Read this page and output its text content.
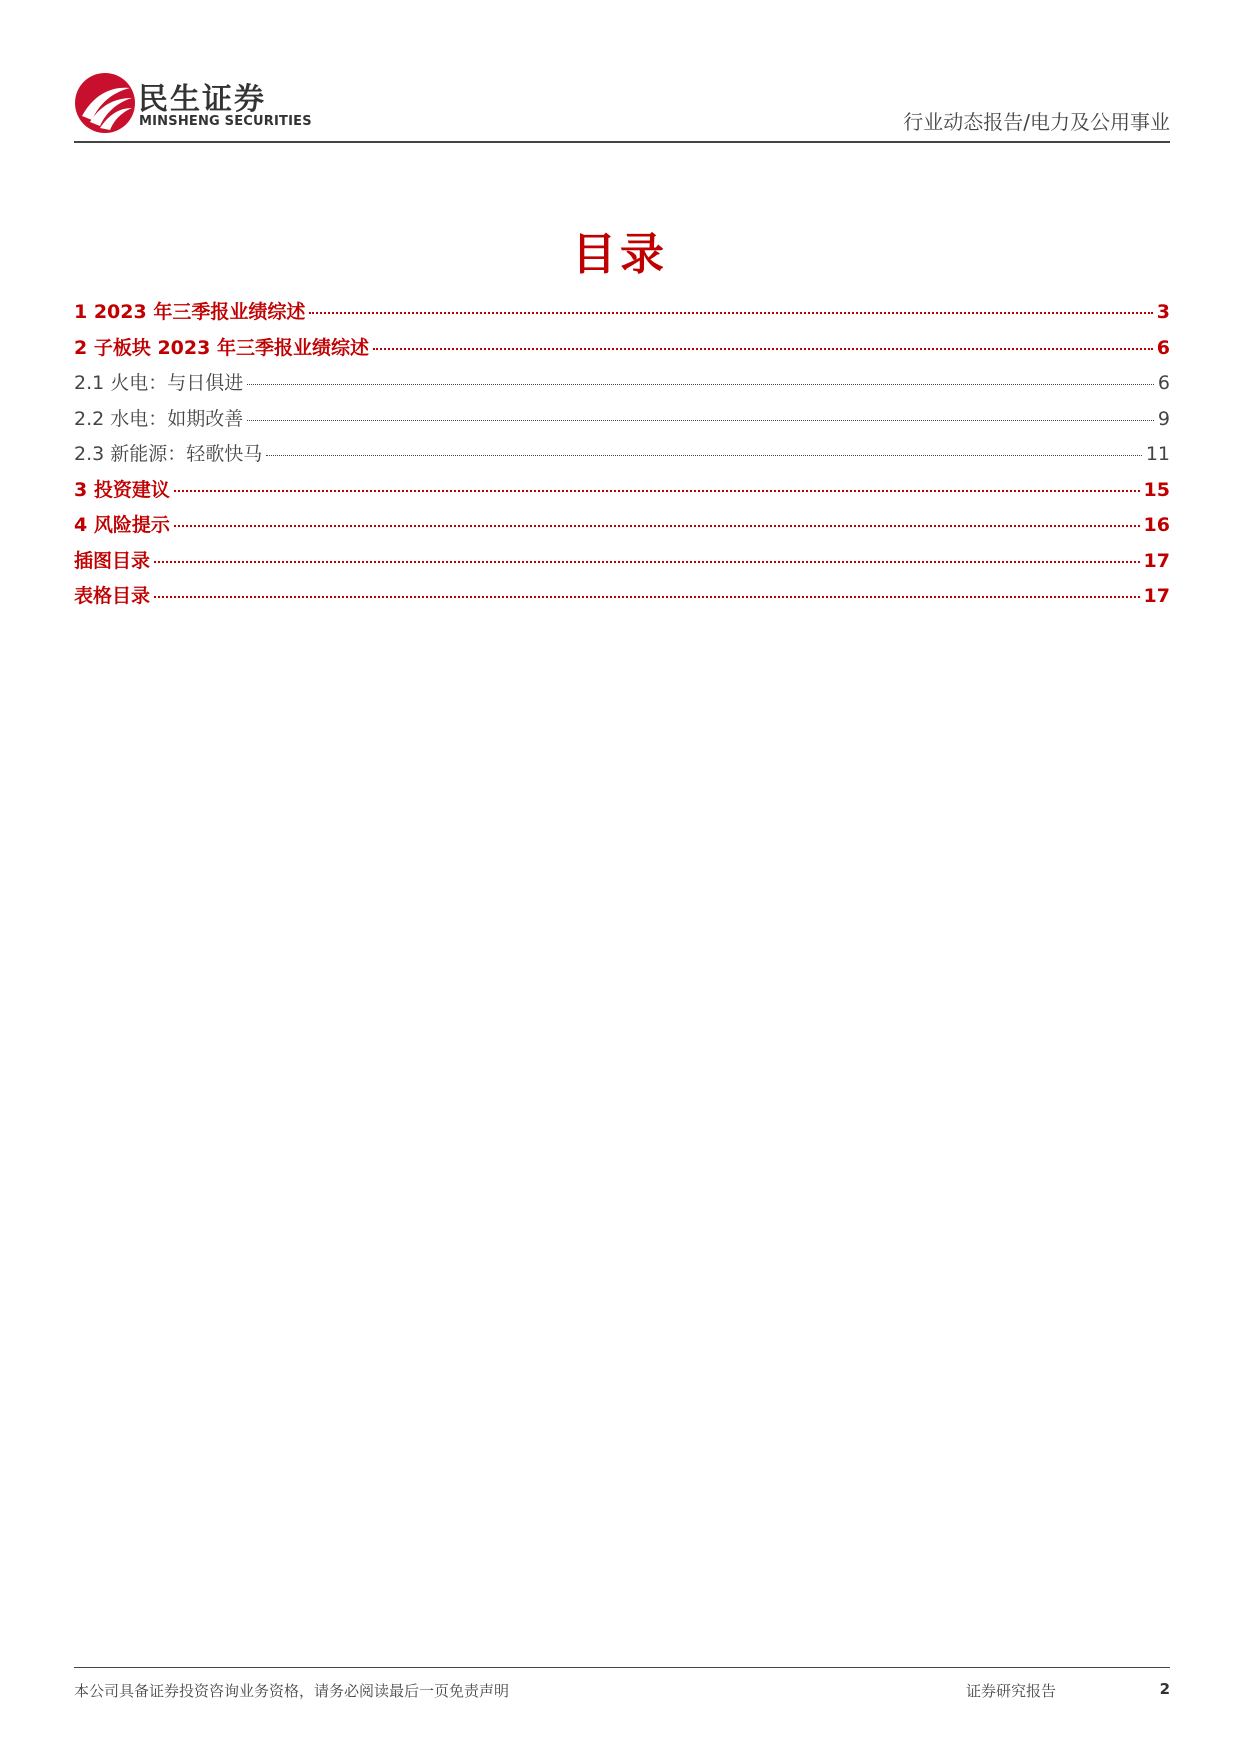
民生证券
MINSHENG SECURITIES	行业动态报告/电力及公用事业
目录
1 2023 年三季报业绩综述	3
2 子板块 2023 年三季报业绩综述	6
2.1 火电：与日俱进	6
2.2 水电：如期改善	9
2.3 新能源：轻歌快马	11
3 投资建议	15
4 风险提示	16
插图目录	17
表格目录	17
本公司具备证券投资咨询业务资格，请务必阅读最后一页免责声明	证券研究报告	2
